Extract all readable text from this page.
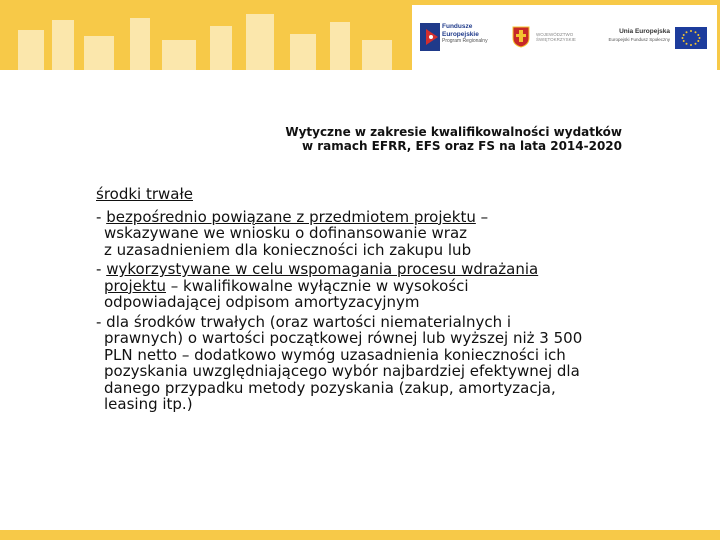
Fundusze
Europejskie
Program Regionalny
WOJEWÓDZTWO
ŚWIĘTOKRZYSKIE
Unia Europejska
Europejski Fundusz Społeczny
Wytyczne w zakresie kwalifikowalności wydatków
w ramach EFRR, EFS oraz FS na lata 2014-2020
środki trwałe
- bezpośrednio powiązane z przedmiotem projektu –
wskazywane we wniosku o dofinansowanie wraz
z uzasadnieniem dla konieczności ich zakupu lub
- wykorzystywane w celu wspomagania procesu wdrażania
projektu – kwalifikowalne wyłącznie w wysokości
odpowiadającej odpisom amortyzacyjnym
- dla środków trwałych (oraz wartości niematerialnych i
prawnych) o wartości początkowej równej lub wyższej niż 3 500
PLN netto – dodatkowo wymóg uzasadnienia konieczności ich
pozyskania uwzględniającego wybór najbardziej efektywnej dla
danego przypadku metody pozyskania (zakup, amortyzacja,
leasing itp.)
